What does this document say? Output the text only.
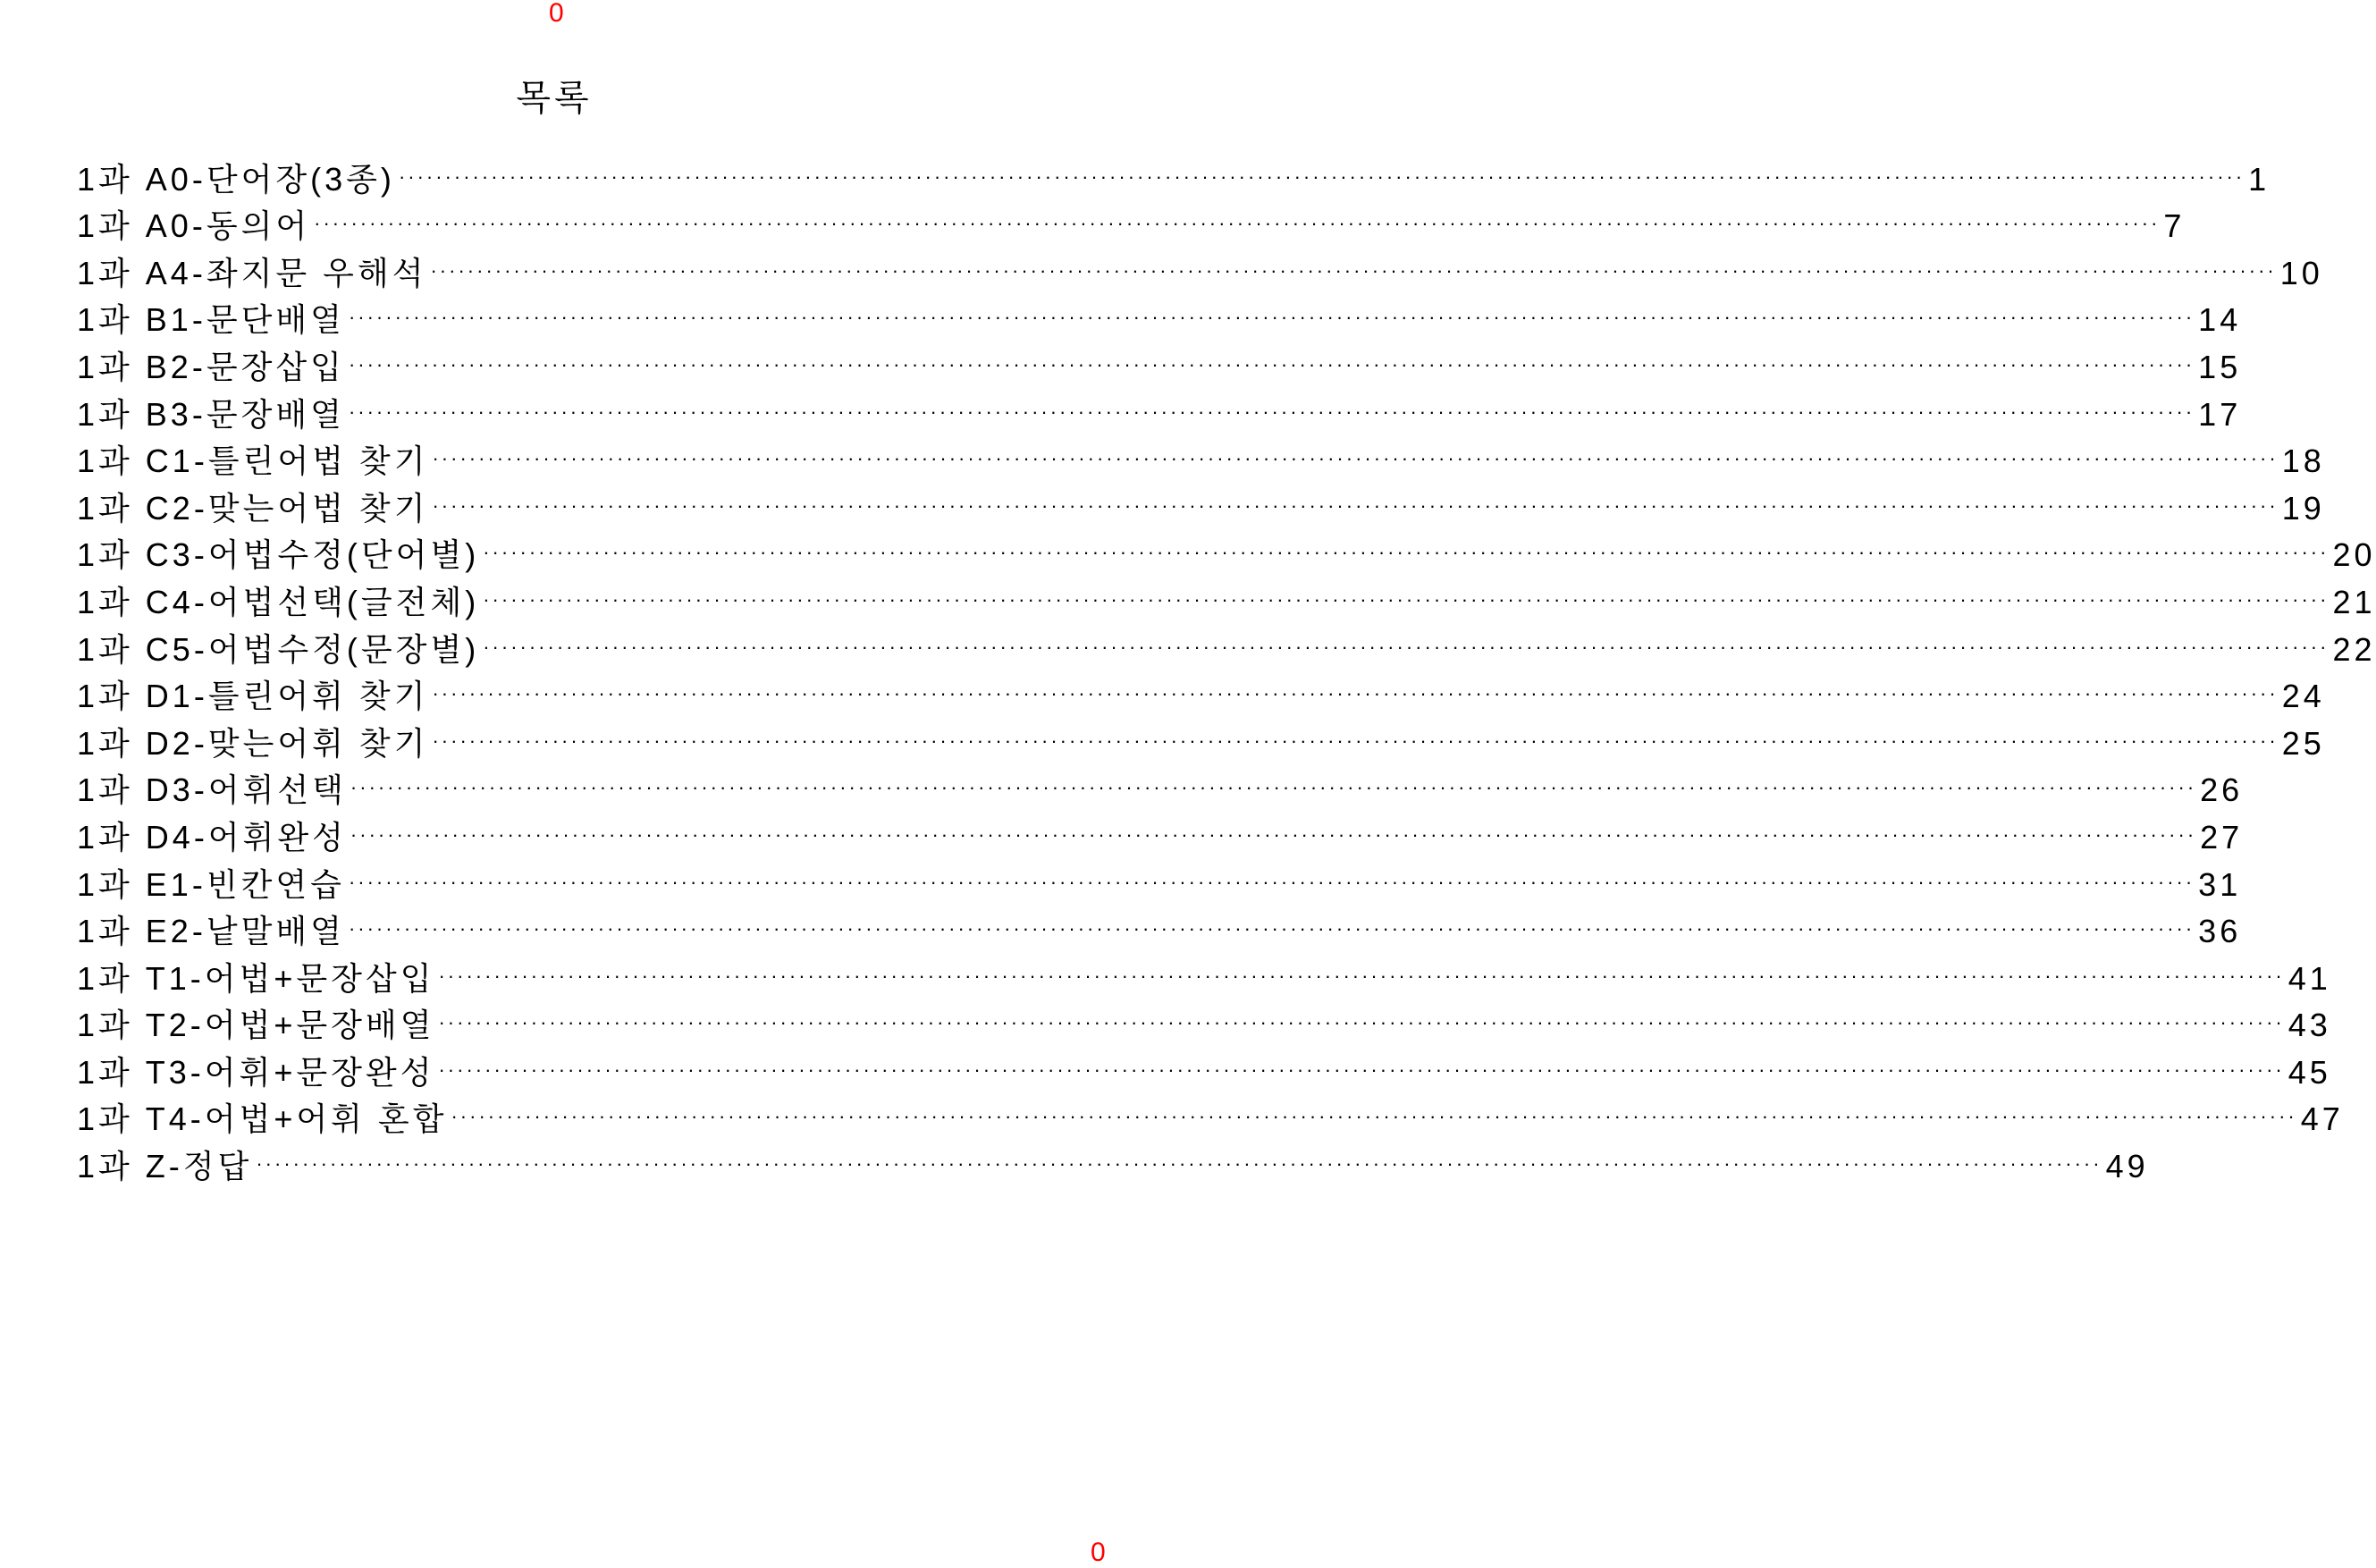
0
목록
1과 A0-단어장(3종) ········································································································································································································ 1
1과 A0-동의어 ········································································································································································································ 7
1과 A4-좌지문 우해석 ········································································································································································································ 10
1과 B1-문단배열 ········································································································································································································ 14
1과 B2-문장삽입 ········································································································································································································ 15
1과 B3-문장배열 ········································································································································································································ 17
1과 C1-틀린어법 찾기 ········································································································································································································ 18
1과 C2-맞는어법 찾기 ········································································································································································································ 19
1과 C3-어법수정(단어별) ········································································································································································································ 20
1과 C4-어법선택(글전체) ········································································································································································································ 21
1과 C5-어법수정(문장별) ········································································································································································································ 22
1과 D1-틀린어휘 찾기 ········································································································································································································ 24
1과 D2-맞는어휘 찾기 ········································································································································································································ 25
1과 D3-어휘선택 ········································································································································································································ 26
1과 D4-어휘완성 ········································································································································································································ 27
1과 E1-빈칸연습 ········································································································································································································ 31
1과 E2-낱말배열 ········································································································································································································ 36
1과 T1-어법+문장삽입 ········································································································································································································ 41
1과 T2-어법+문장배열 ········································································································································································································ 43
1과 T3-어휘+문장완성 ········································································································································································································ 45
1과 T4-어법+어휘 혼합 ········································································································································································································ 47
1과 Z-정답 ········································································································································································································ 49
0
